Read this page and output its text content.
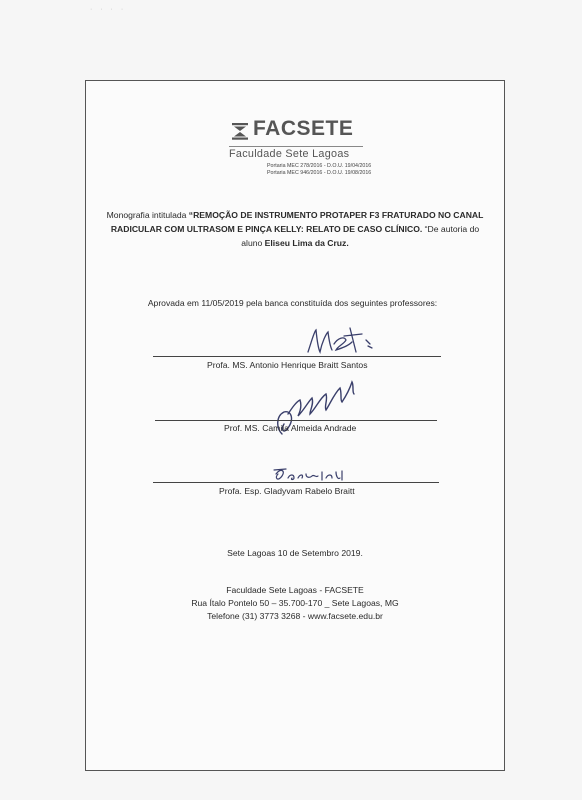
· · · ·
FACSETE
Faculdade Sete Lagoas
Portaria MEC 278/2016 - D.O.U. 19/04/2016
Portaria MEC 946/2016 - D.O.U. 19/08/2016
Monografia intitulada “REMOÇÃO DE INSTRUMENTO PROTAPER F3 FRATURADO NO CANAL RADICULAR COM ULTRASOM E PINÇA KELLY: RELATO DE CASO CLÍNICO. “De autoria do aluno Eliseu Lima da Cruz.
Aprovada em 11/05/2019 pela banca constituída dos seguintes professores:
Profa. MS. Antonio Henrique Braitt Santos
Prof. MS. Camila Almeida Andrade
Profa. Esp. Gladyvam Rabelo Braitt
Sete Lagoas 10 de Setembro 2019.
Faculdade Sete Lagoas - FACSETE
Rua Ítalo Pontelo 50 – 35.700-170 _ Sete Lagoas, MG
Telefone (31) 3773 3268 - www.facsete.edu.br
